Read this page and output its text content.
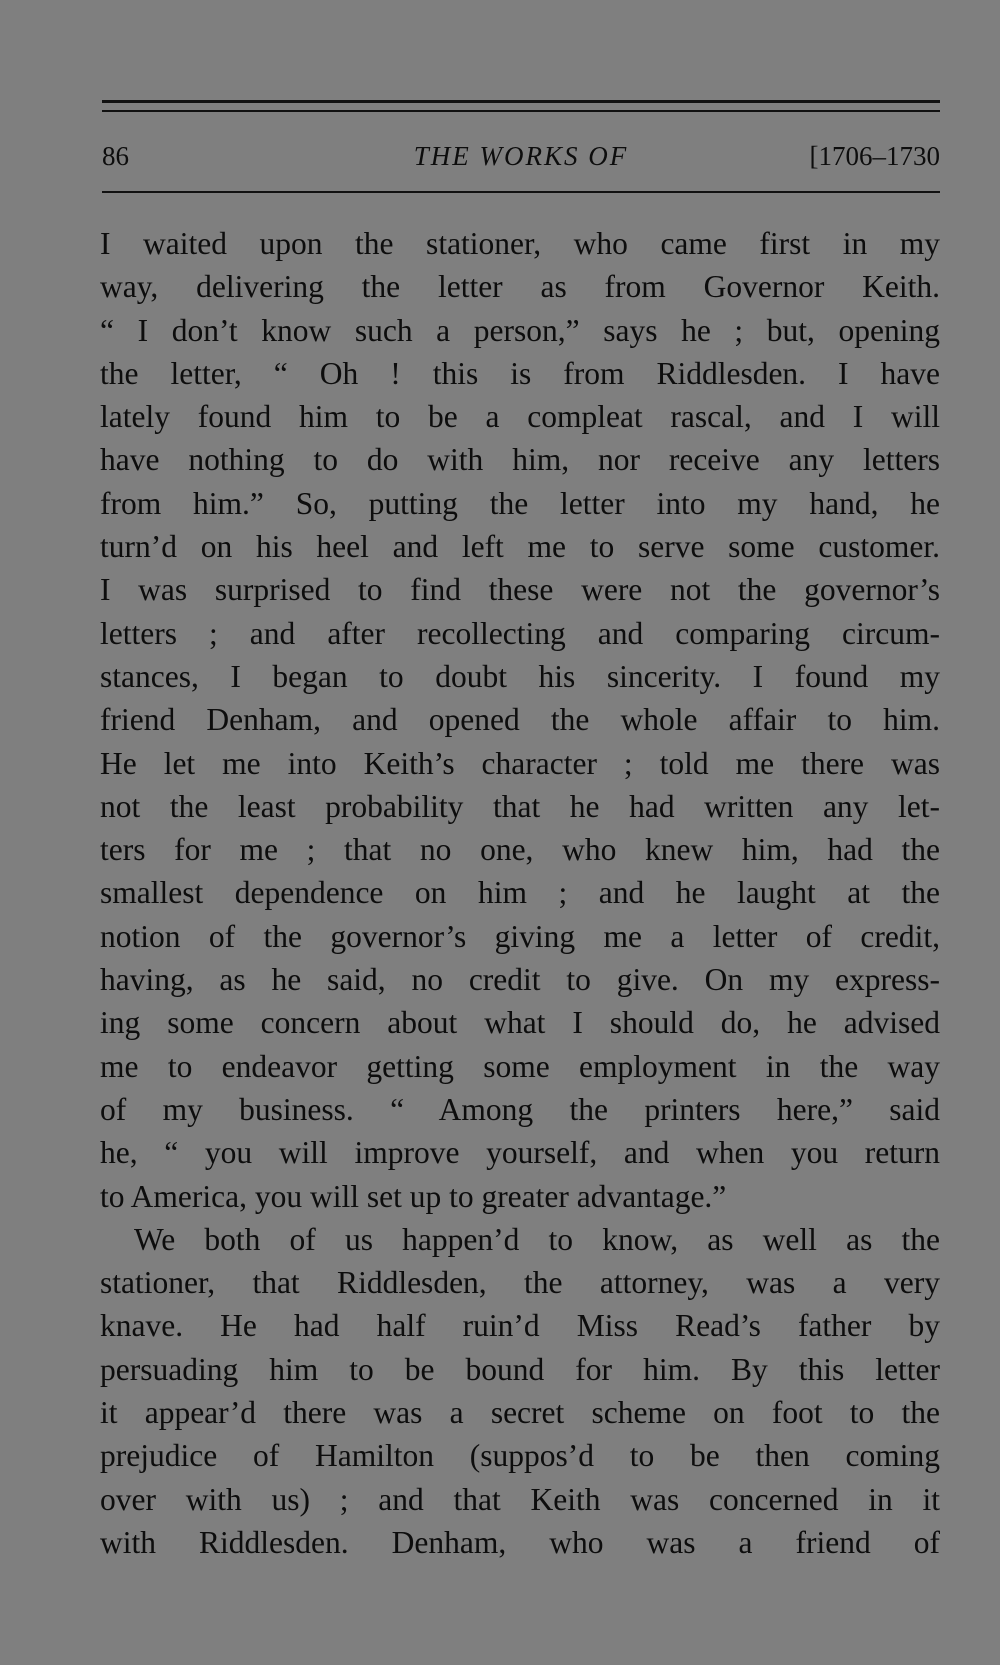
86	THE WORKS OF	[1706–1730
I waited upon the stationer, who came first in my
way, delivering the letter as from Governor Keith.
“ I don’t know such a person,” says he ; but, opening
the letter, “ Oh ! this is from Riddlesden. I have
lately found him to be a compleat rascal, and I will
have nothing to do with him, nor receive any letters
from him.” So, putting the letter into my hand, he
turn’d on his heel and left me to serve some customer.
I was surprised to find these were not the governor’s
letters ; and after recollecting and comparing circum-
stances, I began to doubt his sincerity. I found my
friend Denham, and opened the whole affair to him.
He let me into Keith’s character ; told me there was
not the least probability that he had written any let-
ters for me ; that no one, who knew him, had the
smallest dependence on him ; and he laught at the
notion of the governor’s giving me a letter of credit,
having, as he said, no credit to give. On my express-
ing some concern about what I should do, he advised
me to endeavor getting some employment in the way
of my business. “ Among the printers here,” said
he, “ you will improve yourself, and when you return
to America, you will set up to greater advantage.”
We both of us happen’d to know, as well as the
stationer, that Riddlesden, the attorney, was a very
knave. He had half ruin’d Miss Read’s father by
persuading him to be bound for him. By this letter
it appear’d there was a secret scheme on foot to the
prejudice of Hamilton (suppos’d to be then coming
over with us) ; and that Keith was concerned in it
with Riddlesden. Denham, who was a friend of
